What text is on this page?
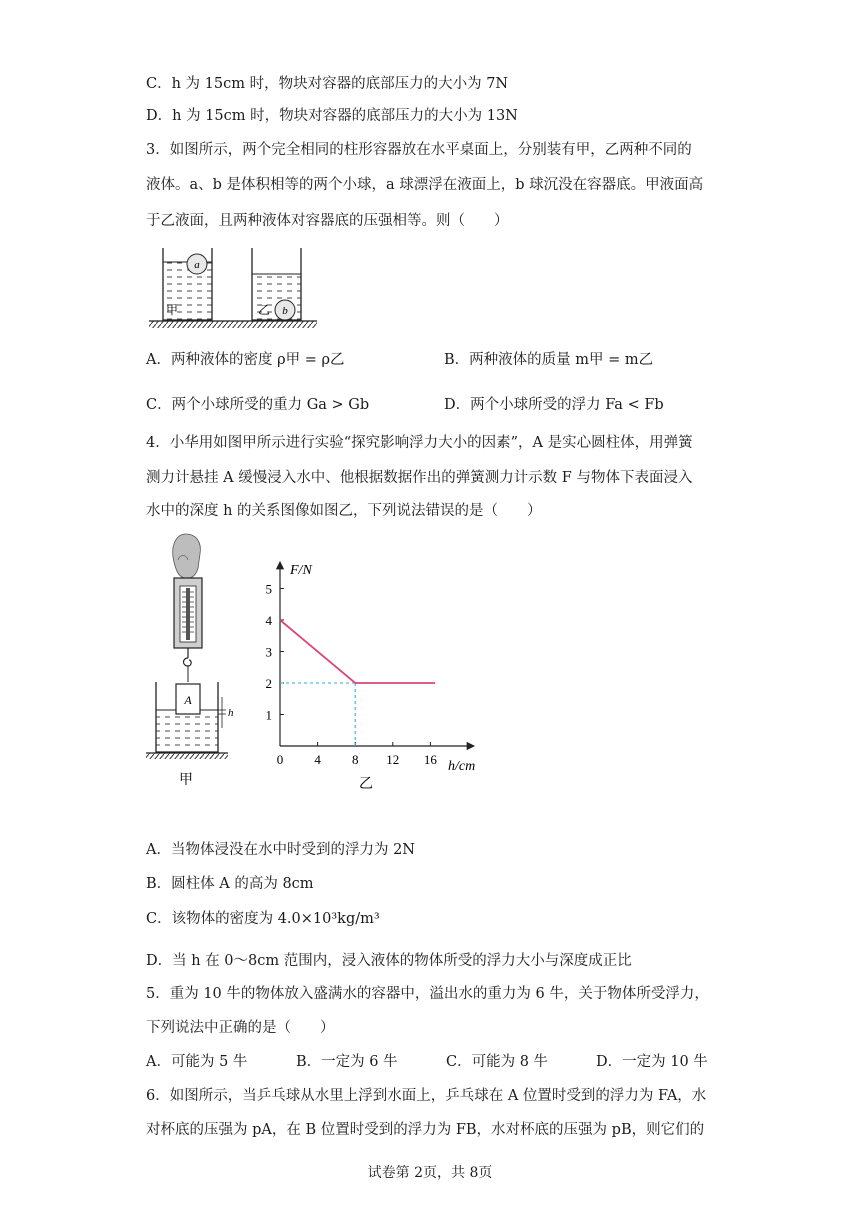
C．h 为 15cm 时，物块对容器的底部压力的大小为 7N
D．h 为 15cm 时，物块对容器的底部压力的大小为 13N
3．如图所示，两个完全相同的柱形容器放在水平桌面上，分别装有甲，乙两种不同的
液体。a、b 是体积相等的两个小球，a 球漂浮在液面上，b 球沉没在容器底。甲液面高
于乙液面，且两种液体对容器底的压强相等。则（　　）
a
甲	b
乙
A．两种液体的密度 ρ甲 = ρ乙	B．两种液体的质量 m甲 = m乙
C．两个小球所受的重力 Ga > Gb	D．两个小球所受的浮力 Fa < Fb
4．小华用如图甲所示进行实验“探究影响浮力大小的因素”，A 是实心圆柱体，用弹簧
测力计悬挂 A 缓慢浸入水中、他根据数据作出的弹簧测力计示数 F 与物体下表面浸入
水中的深度 h 的关系图像如图乙，下列说法错误的是（　　）
A
h
甲
1
2
3
4
5
4 8 12 16
F/N
h/cm
乙
0
A．当物体浸没在水中时受到的浮力为 2N
B．圆柱体 A 的高为 8cm
C．该物体的密度为 4.0×10³kg/m³
D．当 h 在 0～8cm 范围内，浸入液体的物体所受的浮力大小与深度成正比
5．重为 10 牛的物体放入盛满水的容器中，溢出水的重力为 6 牛，关于物体所受浮力，
下列说法中正确的是（　　）
A．可能为 5 牛	B．一定为 6 牛	C．可能为 8 牛	D．一定为 10 牛
6．如图所示，当乒乓球从水里上浮到水面上，乒乓球在 A 位置时受到的浮力为 FA，水
对杯底的压强为 pA，在 B 位置时受到的浮力为 FB，水对杯底的压强为 pB，则它们的
试卷第 2页，共 8页
